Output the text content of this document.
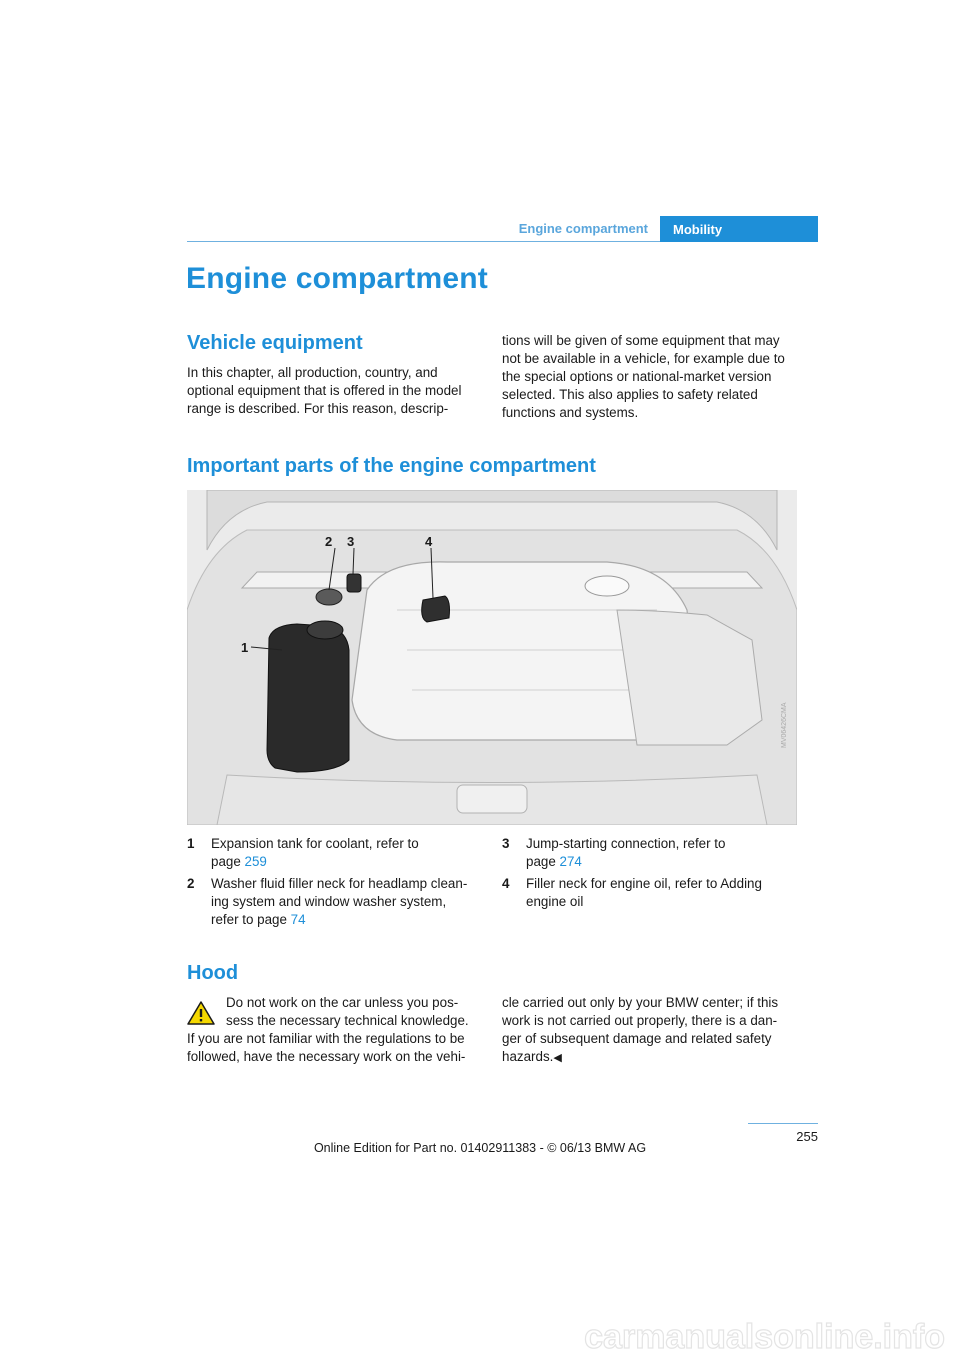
Engine compartment	Mobility
Engine compartment
Vehicle equipment
In this chapter, all production, country, and
optional equipment that is offered in the model
range is described. For this reason, descrip-
tions will be given of some equipment that may
not be available in a vehicle, for example due to
the special options or national-market version
selected. This also applies to safety related
functions and systems.
Important parts of the engine compartment
2 3	4
1
MV06426CMA
1 Expansion tank for coolant, refer to
page 259
2 Washer fluid filler neck for headlamp clean-
ing system and window washer system,
refer to page 74
3 Jump-starting connection, refer to
page 274
4 Filler neck for engine oil, refer to Adding
engine oil
Hood
Do not work on the car unless you pos-
sess the necessary technical knowledge.
If you are not familiar with the regulations to be
followed, have the necessary work on the vehi-
cle carried out only by your BMW center; if this
work is not carried out properly, there is a dan-
ger of subsequent damage and related safety
hazards.◀
255
Online Edition for Part no. 01402911383 - © 06/13 BMW AG
carmanualsonline.info
